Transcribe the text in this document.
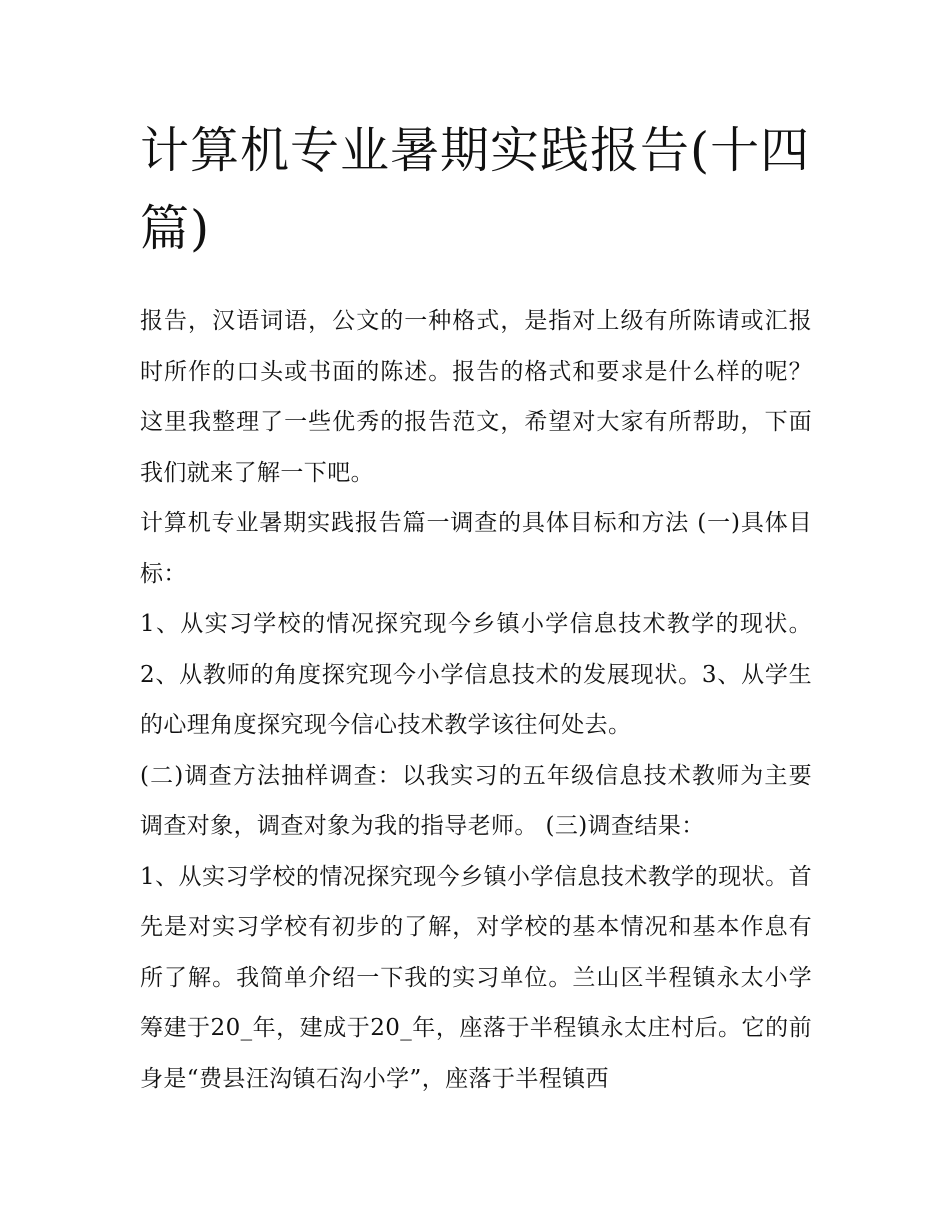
计算机专业暑期实践报告(十四篇)

报告，汉语词语，公文的一种格式，是指对上级有所陈请或汇报时所作的口头或书面的陈述。报告的格式和要求是什么样的呢？这里我整理了一些优秀的报告范文，希望对大家有所帮助，下面我们就来了解一下吧。

计算机专业暑期实践报告篇一调查的具体目标和方法 (一)具体目标：

1、从实习学校的情况探究现今乡镇小学信息技术教学的现状。2、从教师的角度探究现今小学信息技术的发展现状。3、从学生的心理角度探究现今信心技术教学该往何处去。

(二)调查方法抽样调查：以我实习的五年级信息技术教师为主要调查对象，调查对象为我的指导老师。 (三)调查结果：

1、从实习学校的情况探究现今乡镇小学信息技术教学的现状。首先是对实习学校有初步的了解，对学校的基本情况和基本作息有所了解。我简单介绍一下我的实习单位。兰山区半程镇永太小学筹建于20_年，建成于20_年，座落于半程镇永太庄村后。它的前身是“费县汪沟镇石沟小学”，座落于半程镇西
